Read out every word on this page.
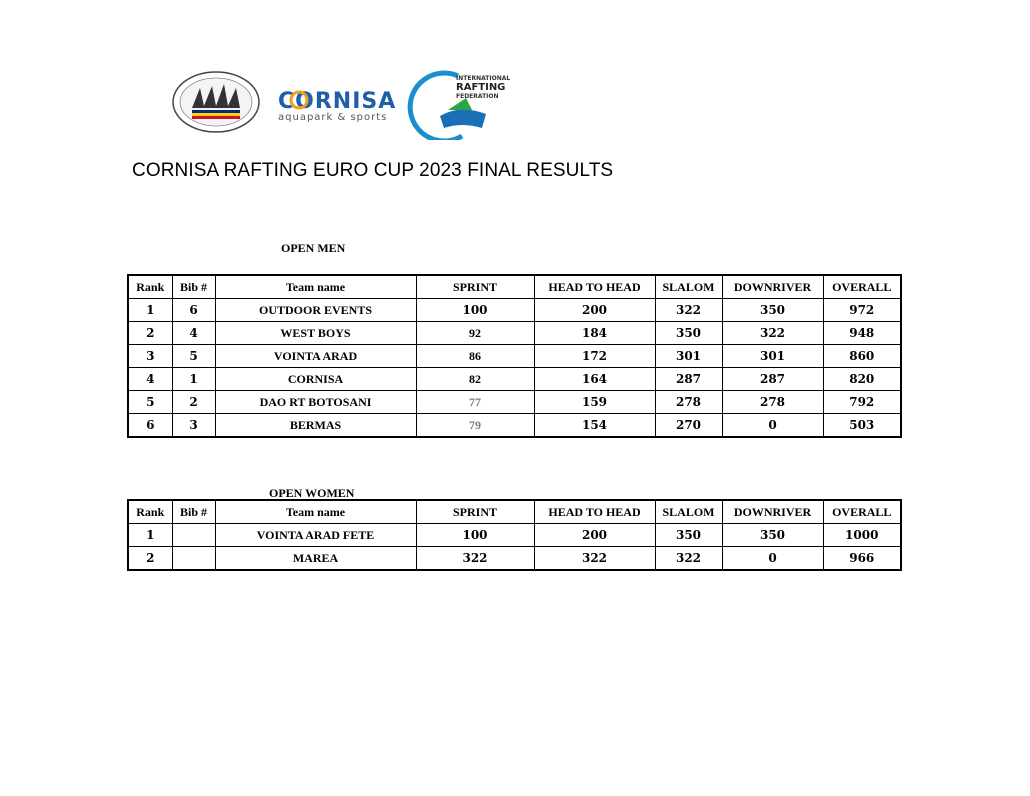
CORNISA
aquapark & sports
INTERNATIONAL
RAFTING
FEDERATION
CORNISA RAFTING EURO CUP 2023 FINAL RESULTS
OPEN MEN
Rank	Bib #	Team name	SPRINT	HEAD TO HEAD	SLALOM	DOWNRIVER	OVERALL
1	6	OUTDOOR EVENTS	100	200	322	350	972
2	4	WEST BOYS	92	184	350	322	948
3	5	VOINTA ARAD	86	172	301	301	860
4	1	CORNISA	82	164	287	287	820
5	2	DAO RT BOTOSANI	77	159	278	278	792
6	3	BERMAS	79	154	270	0	503
OPEN WOMEN
Rank	Bib #	Team name	SPRINT	HEAD TO HEAD	SLALOM	DOWNRIVER	OVERALL
1		VOINTA ARAD FETE	100	200	350	350	1000
2		MAREA	322	322	322	0	966
